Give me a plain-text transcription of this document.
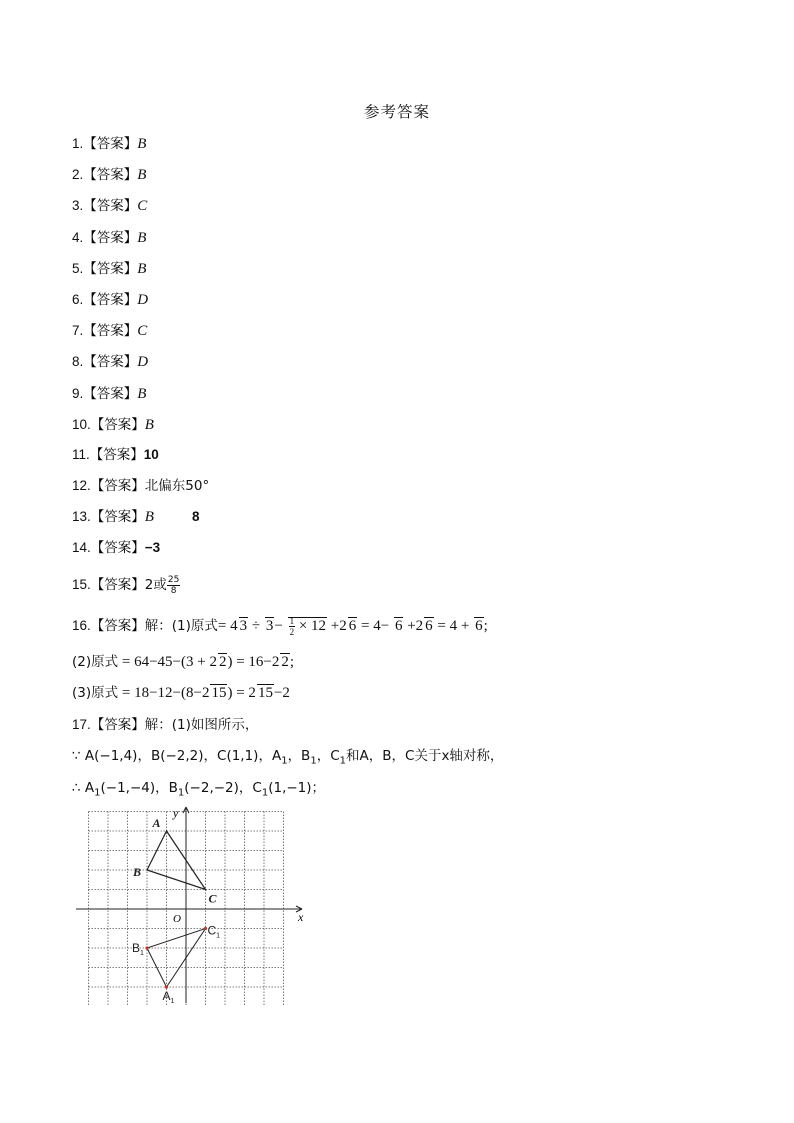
参考答案
1.【答案】B
2.【答案】B
3.【答案】C
4.【答案】B
5.【答案】B
6.【答案】D
7.【答案】C
8.【答案】D
9.【答案】B
10.【答案】B
11.【答案】10
12.【答案】北偏东50°
13.【答案】B	8
14.【答案】−3
15.【答案】2或 $\frac{25}{8}$
16.【答案】解：(1)原式= 4 $3 \div 3- \frac{1}{2} \times 12 +2$ 6 = 4− 6 +2 6 = 4 + 6;
(2)原式 = 64−45−(3 + 2 2) = 16−2 2;
(3)原式 = 18−12−(8−2 15) = 2 15−2
17.【答案】解：(1)如图所示，
∵ A(−1,4)，B(−2,2)，C(1,1)，$A_1$，$B_1$，$C_1$和A，B，C关于x轴对称，
∴ $A_1(-1,-4)$，$B_1(-2,-2)$，$C_1(1,-1)$；
x
y
O
A
B
C
$A_1$
$B_1$
$C_1$
